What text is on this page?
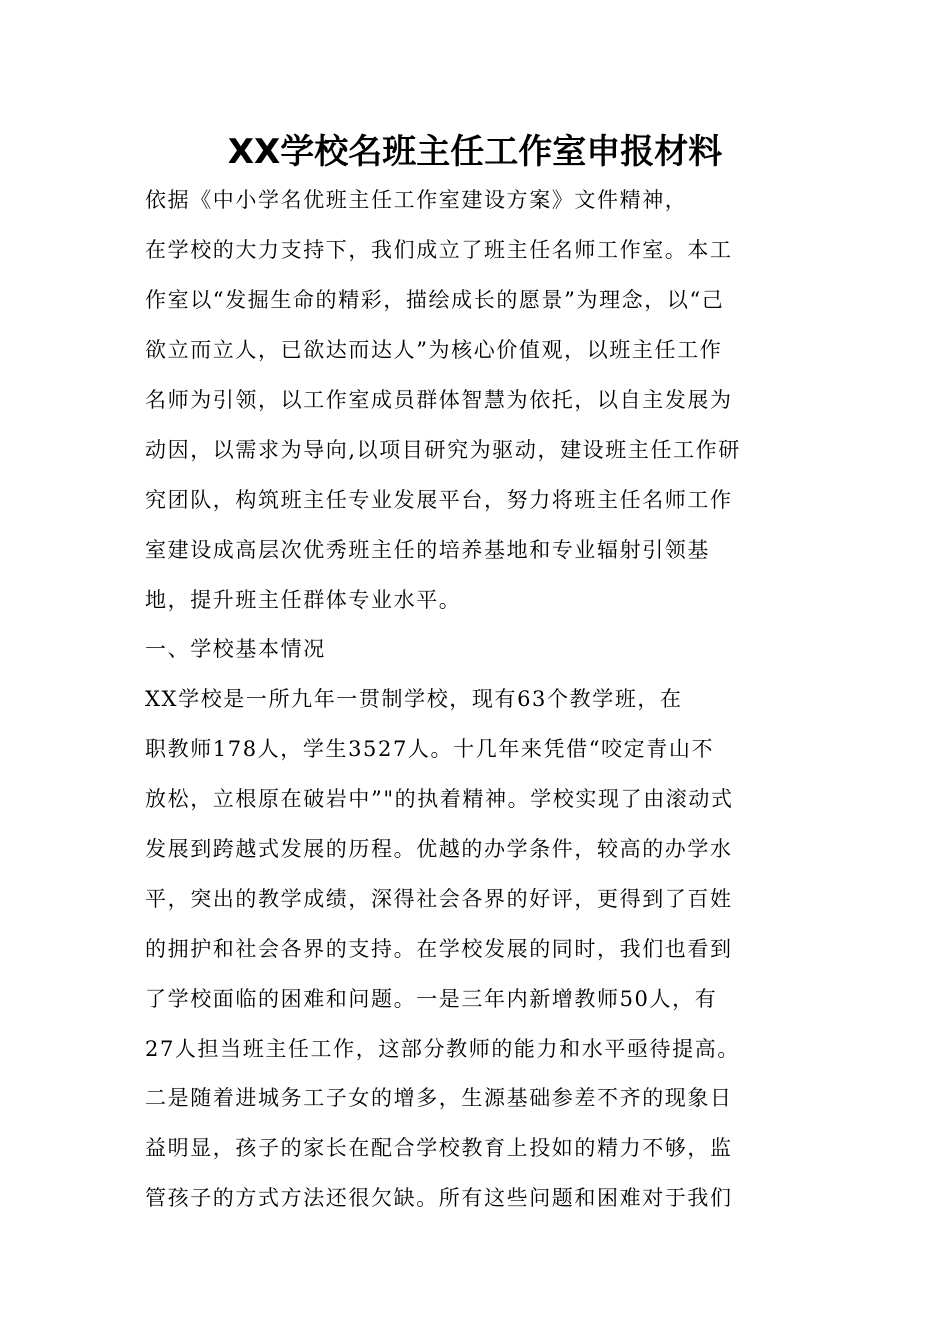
XX学校名班主任工作室申报材料
依据《中小学名优班主任工作室建设方案》文件精神，
在学校的大力支持下，我们成立了班主任名师工作室。本工
作室以“发掘生命的精彩，描绘成长的愿景”为理念，以“己
欲立而立人，已欲达而达人”为核心价值观，以班主任工作
名师为引领，以工作室成员群体智慧为依托，以自主发展为
动因，以需求为导向,以项目研究为驱动，建设班主任工作研
究团队，构筑班主任专业发展平台，努力将班主任名师工作
室建设成高层次优秀班主任的培养基地和专业辐射引领基
地，提升班主任群体专业水平。
一、学校基本情况
XX学校是一所九年一贯制学校，现有63个教学班，在
职教师178人，学生3527人。十几年来凭借“咬定青山不
放松，立根原在破岩中”"的执着精神。学校实现了由滚动式
发展到跨越式发展的历程。优越的办学条件，较高的办学水
平，突出的教学成绩，深得社会各界的好评，更得到了百姓
的拥护和社会各界的支持。在学校发展的同时，我们也看到
了学校面临的困难和问题。一是三年内新增教师50人，有
27人担当班主任工作，这部分教师的能力和水平亟待提高。
二是随着进城务工子女的增多，生源基础参差不齐的现象日
益明显，孩子的家长在配合学校教育上投如的精力不够，监
管孩子的方式方法还很欠缺。所有这些问题和困难对于我们
